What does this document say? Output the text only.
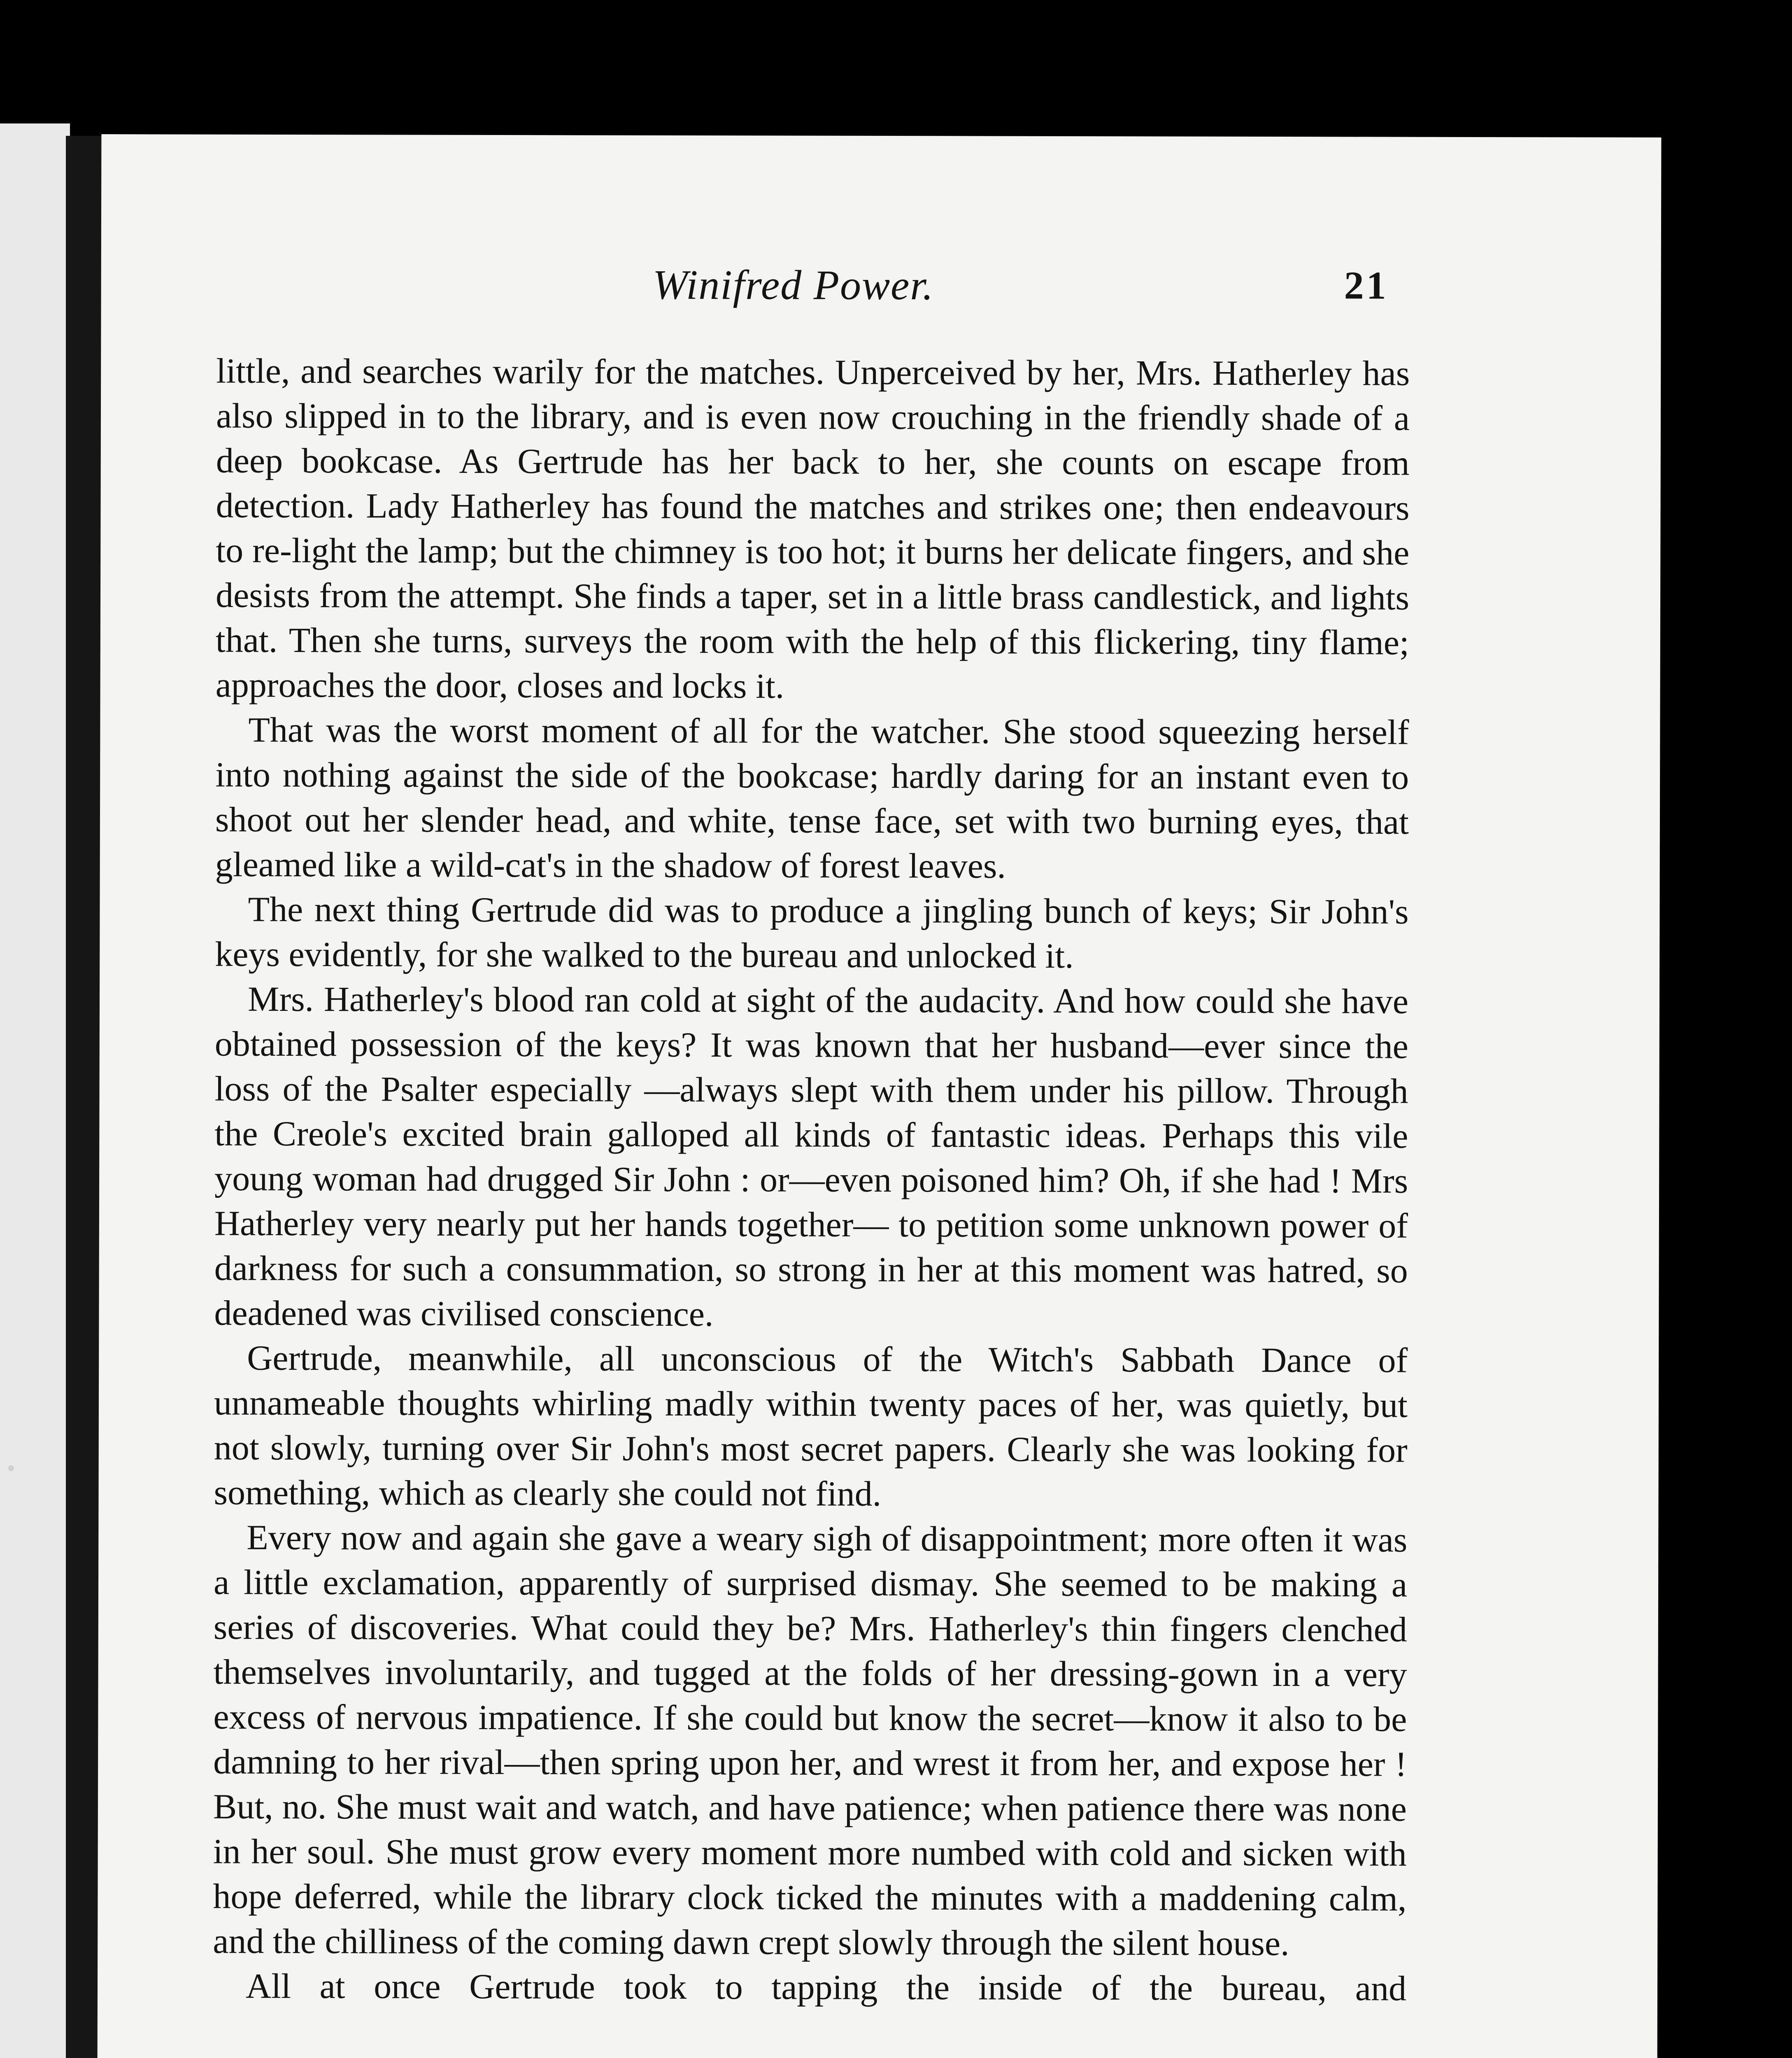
Winifred Power.	21

little, and searches warily for the matches. Unperceived by her, Mrs. Hatherley has also slipped in to the library, and is even now crouching in the friendly shade of a deep bookcase. As Gertrude has her back to her, she counts on escape from detection. Lady Hatherley has found the matches and strikes one; then endeavours to re-light the lamp; but the chimney is too hot; it burns her delicate fingers, and she desists from the attempt. She finds a taper, set in a little brass candlestick, and lights that. Then she turns, surveys the room with the help of this flickering, tiny flame; approaches the door, closes and locks it.

That was the worst moment of all for the watcher. She stood squeezing herself into nothing against the side of the bookcase; hardly daring for an instant even to shoot out her slender head, and white, tense face, set with two burning eyes, that gleamed like a wild-cat's in the shadow of forest leaves.

The next thing Gertrude did was to produce a jingling bunch of keys; Sir John's keys evidently, for she walked to the bureau and unlocked it.

Mrs. Hatherley's blood ran cold at sight of the audacity. And how could she have obtained possession of the keys? It was known that her husband—ever since the loss of the Psalter especially —always slept with them under his pillow. Through the Creole's excited brain galloped all kinds of fantastic ideas. Perhaps this vile young woman had drugged Sir John : or—even poisoned him? Oh, if she had ! Mrs Hatherley very nearly put her hands together— to petition some unknown power of darkness for such a consummation, so strong in her at this moment was hatred, so deadened was civilised conscience.

Gertrude, meanwhile, all unconscious of the Witch's Sabbath Dance of unnameable thoughts whirling madly within twenty paces of her, was quietly, but not slowly, turning over Sir John's most secret papers. Clearly she was looking for something, which as clearly she could not find.

Every now and again she gave a weary sigh of disappointment; more often it was a little exclamation, apparently of surprised dismay. She seemed to be making a series of discoveries. What could they be? Mrs. Hatherley's thin fingers clenched themselves involuntarily, and tugged at the folds of her dressing-gown in a very excess of nervous impatience. If she could but know the secret—know it also to be damning to her rival—then spring upon her, and wrest it from her, and expose her ! But, no. She must wait and watch, and have patience; when patience there was none in her soul. She must grow every moment more numbed with cold and sicken with hope deferred, while the library clock ticked the minutes with a maddening calm, and the chilliness of the coming dawn crept slowly through the silent house.

All at once Gertrude took to tapping the inside of the bureau, and
